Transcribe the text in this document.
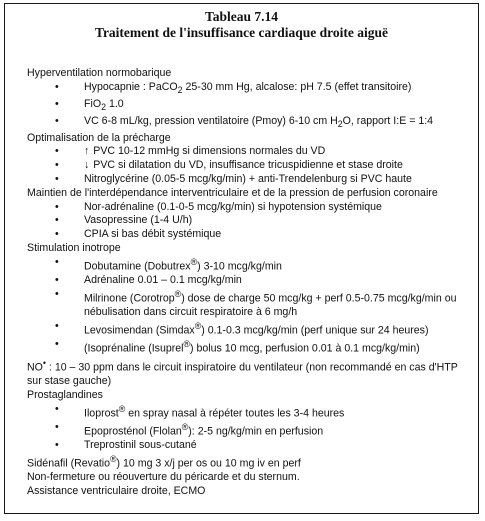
Tableau 7.14
Traitement de l'insuffisance cardiaque droite aiguë
Hyperventilation normobarique
• Hypocapnie : PaCO$_2$ 25-30 mm Hg, alcalose: pH 7.5 (effet transitoire)
• FiO$_2$ 1.0
• VC 6-8 mL/kg, pression ventilatoire (Pmoy) 6-10 cm $H_2O$, rapport I:E = 1:4
Optimalisation de la précharge
• ↑ PVC 10-12 mmHg si dimensions normales du VD
• ↓ PVC si dilatation du VD, insuffisance tricuspidienne et stase droite
• Nitroglycérine (0.05-5 mcg/kg/min) + anti-Trendelenburg si PVC haute
Maintien de l'interdépendance interventriculaire et de la pression de perfusion coronaire
• Nor-adrénaline (0.1-0-5 mcg/kg/min) si hypotension systémique
• Vasopressine (1-4 U/h)
• CPIA si bas débit systémique
Stimulation inotrope
• Dobutamine (Dobutrex®) 3-10 mcg/kg/min
• Adrénaline 0.01 – 0.1 mcg/kg/min
• Milrinone (Corotrop®) dose de charge 50 mcg/kg + perf 0.5-0.75 mcg/kg/min ou nébulisation dans circuit respiratoire à 6 mg/h
• Levosimendan (Simdax®) 0.1-0.3 mcg/kg/min (perf unique sur 24 heures)
• (Isoprénaline (Isuprel®) bolus 10 mcg, perfusion 0.01 à 0.1 mcg/kg/min)
NO• : 10 – 30 ppm dans le circuit inspiratoire du ventilateur (non recommandé en cas d'HTP sur stase gauche)
Prostaglandines
• Iloprost® en spray nasal à répéter toutes les 3-4 heures
• Epoprosténol (Flolan®): 2-5 ng/kg/min en perfusion
• Treprostinil sous-cutané
Sidénafil (Revatio®) 10 mg 3 x/j per os ou 10 mg iv en perf
Non-fermeture ou réouverture du péricarde et du sternum.
Assistance ventriculaire droite, ECMO
